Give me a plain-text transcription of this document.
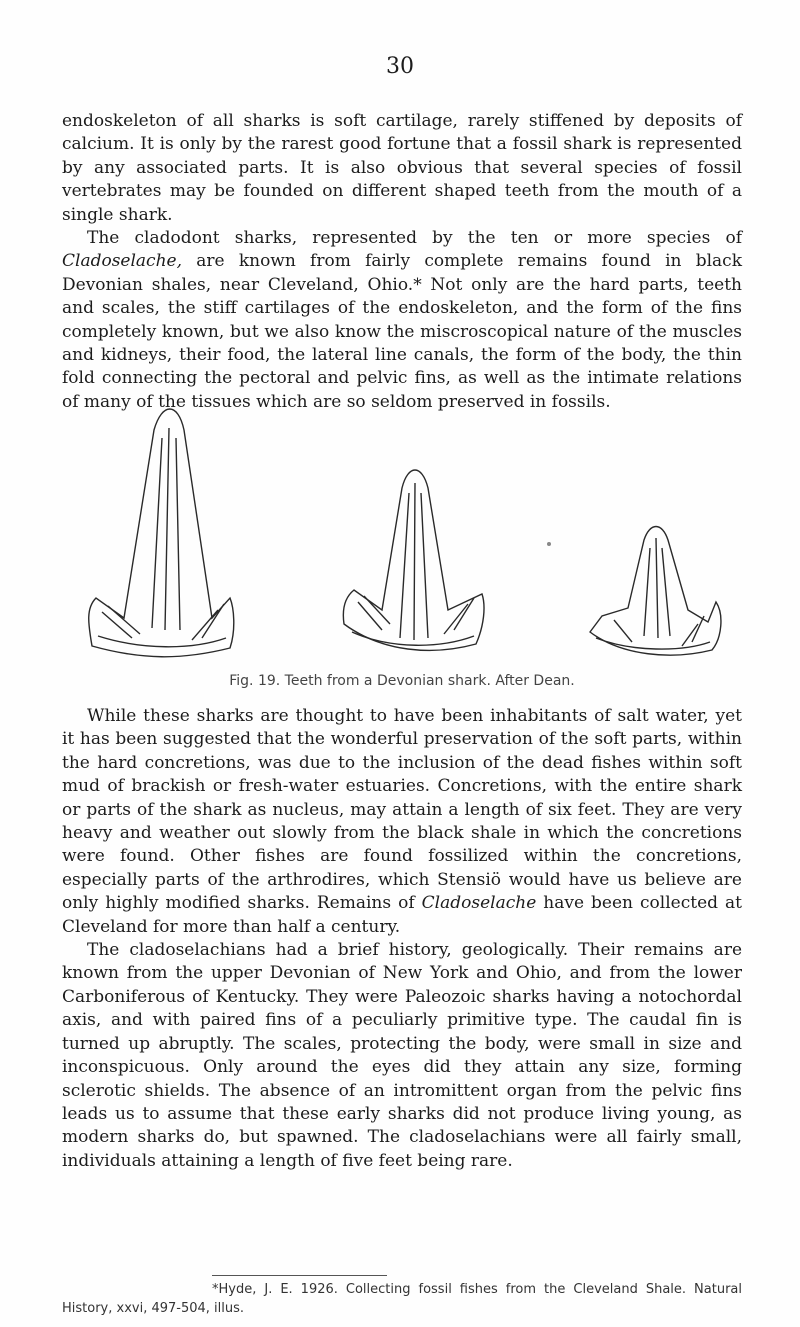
30

endoskeleton of all sharks is soft cartilage, rarely stiffened by deposits of calcium. It is only by the rarest good fortune that a fossil shark is represented by any associated parts. It is also obvious that several species of fossil vertebrates may be founded on different shaped teeth from the mouth of a single shark.

The cladodont sharks, represented by the ten or more species of Cladoselache, are known from fairly complete remains found in black Devonian shales, near Cleveland, Ohio.* Not only are the hard parts, teeth and scales, the stiff cartilages of the endoskeleton, and the form of the fins completely known, but we also know the miscroscopical nature of the muscles and kidneys, their food, the lateral line canals, the form of the body, the thin fold connecting the pectoral and pelvic fins, as well as the intimate relations of many of the tissues which are so seldom preserved in fossils.

Fig. 19. Teeth from a Devonian shark. After Dean.

While these sharks are thought to have been inhabitants of salt water, yet it has been suggested that the wonderful preservation of the soft parts, within the hard concretions, was due to the inclusion of the dead fishes within soft mud of brackish or fresh-water estuaries. Concretions, with the entire shark or parts of the shark as nucleus, may attain a length of six feet. They are very heavy and weather out slowly from the black shale in which the concretions were found. Other fishes are found fossilized within the concretions, especially parts of the arthrodires, which Stensiö would have us believe are only highly modified sharks. Remains of Cladoselache have been collected at Cleveland for more than half a century.

The cladoselachians had a brief history, geologically. Their remains are known from the upper Devonian of New York and Ohio, and from the lower Carboniferous of Kentucky. They were Paleozoic sharks having a notochordal axis, and with paired fins of a peculiarly primitive type. The caudal fin is turned up abruptly. The scales, protecting the body, were small in size and inconspicuous. Only around the eyes did they attain any size, forming sclerotic shields. The absence of an intromittent organ from the pelvic fins leads us to assume that these early sharks did not produce living young, as modern sharks do, but spawned. The cladoselachians were all fairly small, individuals attaining a length of five feet being rare.

*Hyde, J. E. 1926. Collecting fossil fishes from the Cleveland Shale. Natural History, xxvi, 497-504, illus.
